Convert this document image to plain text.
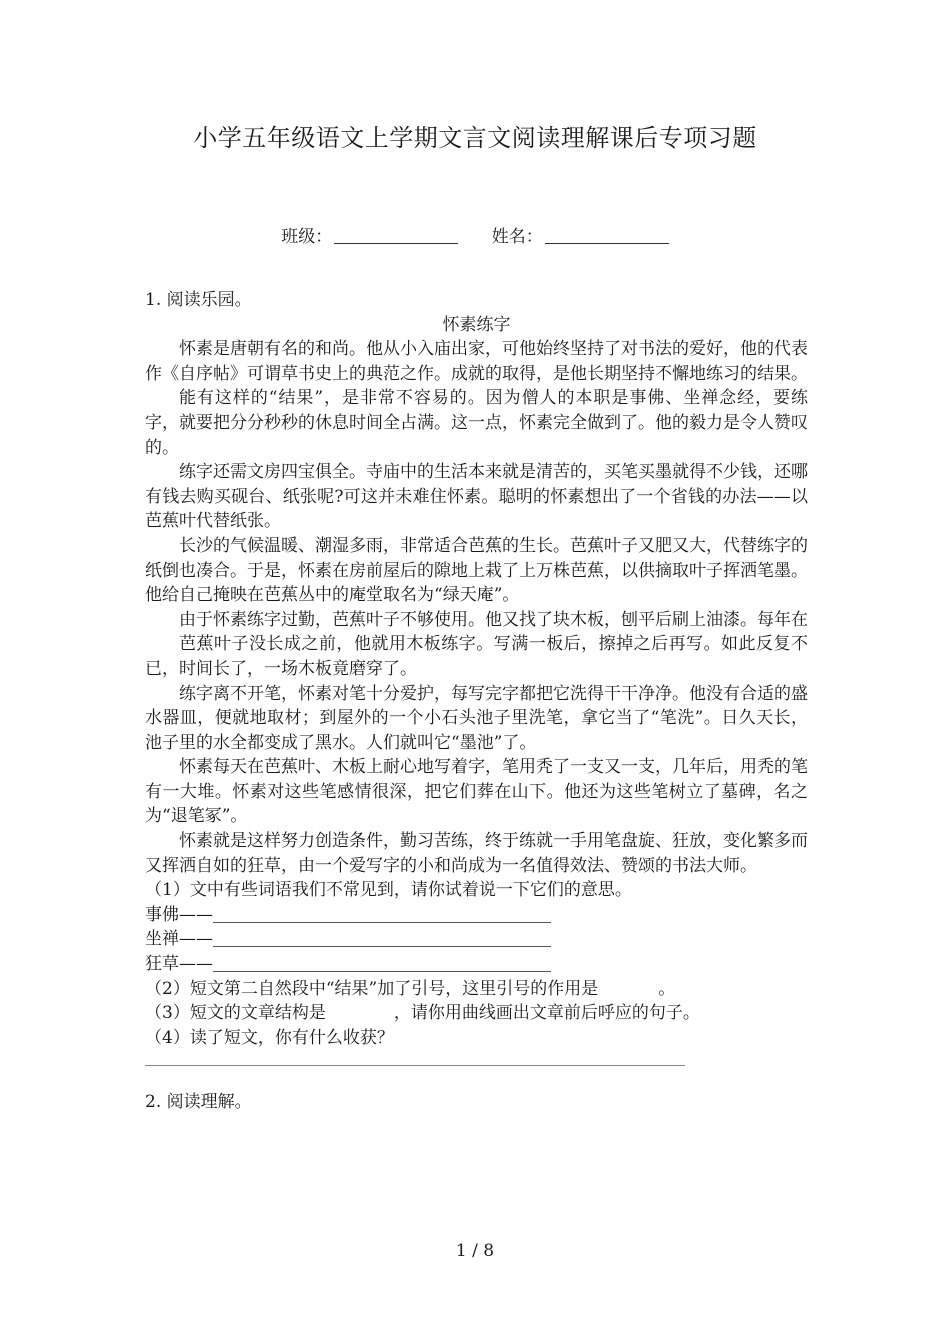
小学五年级语文上学期文言文阅读理解课后专项习题
班级：	姓名：

1. 阅读乐园。

怀素练字

怀素是唐朝有名的和尚。他从小入庙出家，可他始终坚持了对书法的爱好，他的代表作《自序帖》可谓草书史上的典范之作。成就的取得，是他长期坚持不懈地练习的结果。

能有这样的“结果”，是非常不容易的。因为僧人的本职是事佛、坐禅念经，要练字，就要把分分秒秒的休息时间全占满。这一点，怀素完全做到了。他的毅力是令人赞叹的。

练字还需文房四宝俱全。寺庙中的生活本来就是清苦的，买笔买墨就得不少钱，还哪有钱去购买砚台、纸张呢?可这并未难住怀素。聪明的怀素想出了一个省钱的办法——以芭蕉叶代替纸张。

长沙的气候温暖、潮湿多雨，非常适合芭蕉的生长。芭蕉叶子又肥又大，代替练字的纸倒也凑合。于是，怀素在房前屋后的隙地上栽了上万株芭蕉，以供摘取叶子挥洒笔墨。他给自己掩映在芭蕉丛中的庵堂取名为“绿天庵”。

由于怀素练字过勤，芭蕉叶子不够使用。他又找了块木板，刨平后刷上油漆。每年在

芭蕉叶子没长成之前，他就用木板练字。写满一板后，擦掉之后再写。如此反复不已，时间长了，一场木板竟磨穿了。

练字离不开笔，怀素对笔十分爱护，每写完字都把它洗得干干净净。他没有合适的盛水器皿，便就地取材；到屋外的一个小石头池子里洗笔，拿它当了“笔洗”。日久天长，池子里的水全都变成了黑水。人们就叫它“墨池”了。

怀素每天在芭蕉叶、木板上耐心地写着字，笔用秃了一支又一支，几年后，用秃的笔有一大堆。怀素对这些笔感情很深，把它们葬在山下。他还为这些笔树立了墓碑，名之为“退笔冢”。

怀素就是这样努力创造条件，勤习苦练，终于练就一手用笔盘旋、狂放，变化繁多而又挥洒自如的狂草，由一个爱写字的小和尚成为一名值得效法、赞颂的书法大师。

（1）文中有些词语我们不常见到，请你试着说一下它们的意思。

事佛——

坐禅——

狂草——

（2）短文第二自然段中“结果”加了引号，这里引号的作用是	。

（3）短文的文章结构是	，请你用曲线画出文章前后呼应的句子。

（4）读了短文，你有什么收获？

2. 阅读理解。

1 / 8
